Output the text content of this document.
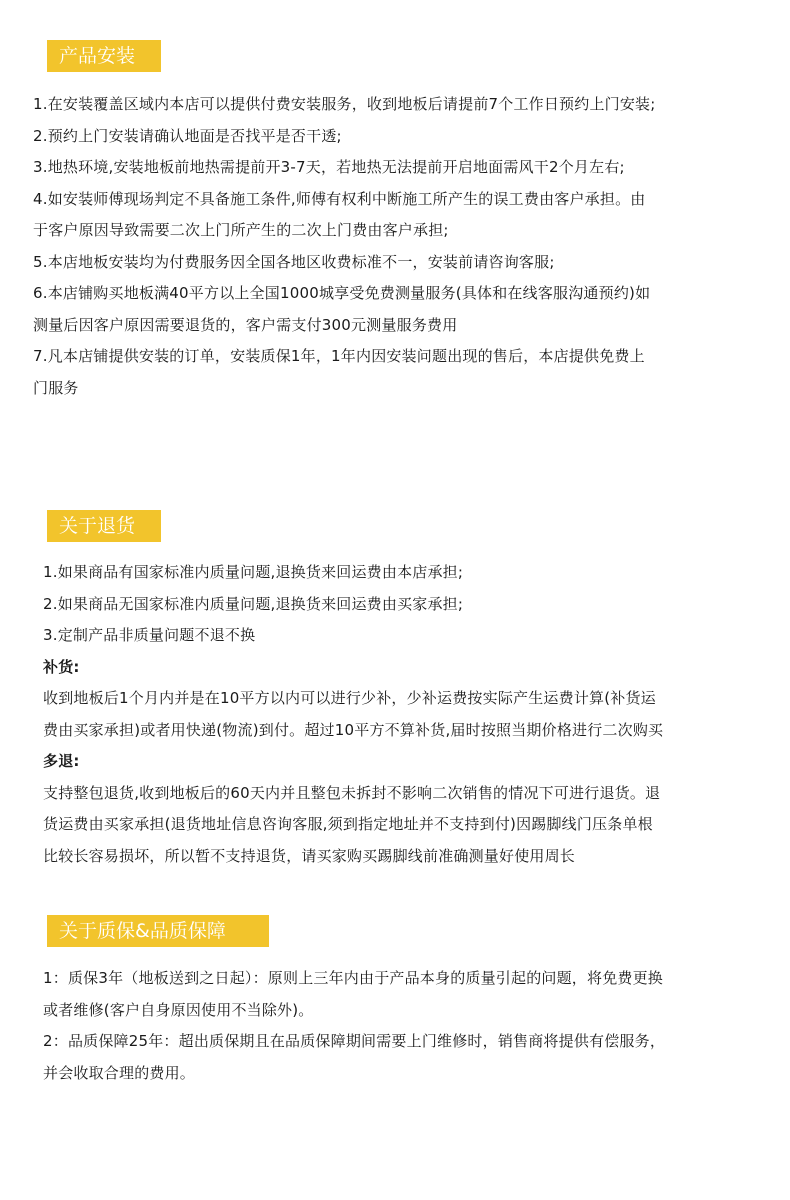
产品安装
1.在安装覆盖区域内本店可以提供付费安装服务，收到地板后请提前7个工作日预约上门安装;
2.预约上门安装请确认地面是否找平是否干透;
3.地热环境,安装地板前地热需提前开3-7天，若地热无法提前开启地面需风干2个月左右;
4.如安装师傅现场判定不具备施工条件,师傅有权利中断施工所产生的误工费由客户承担。由
于客户原因导致需要二次上门所产生的二次上门费由客户承担;
5.本店地板安装均为付费服务因全国各地区收费标准不一，安装前请咨询客服;
6.本店铺购买地板满40平方以上全国1000城享受免费测量服务(具体和在线客服沟通预约)如
测量后因客户原因需要退货的，客户需支付300元测量服务费用
7.凡本店铺提供安装的订单，安装质保1年，1年内因安装问题出现的售后，本店提供免费上
门服务
关于退货
1.如果商品有国家标准内质量问题,退换货来回运费由本店承担;
2.如果商品无国家标准内质量问题,退换货来回运费由买家承担;
3.定制产品非质量问题不退不换
补货:
收到地板后1个月内并是在10平方以内可以进行少补，少补运费按实际产生运费计算(补货运
费由买家承担)或者用快递(物流)到付。超过10平方不算补货,届时按照当期价格进行二次购买
多退:
支持整包退货,收到地板后的60天内并且整包未拆封不影响二次销售的情况下可进行退货。退
货运费由买家承担(退货地址信息咨询客服,须到指定地址并不支持到付)因踢脚线门压条单根
比较长容易损坏，所以暂不支持退货，请买家购买踢脚线前准确测量好使用周长
关于质保&品质保障
1：质保3年（地板送到之日起）：原则上三年内由于产品本身的质量引起的问题，将免费更换
或者维修(客户自身原因使用不当除外)。
2：品质保障25年：超出质保期且在品质保障期间需要上门维修时，销售商将提供有偿服务，
并会收取合理的费用。
